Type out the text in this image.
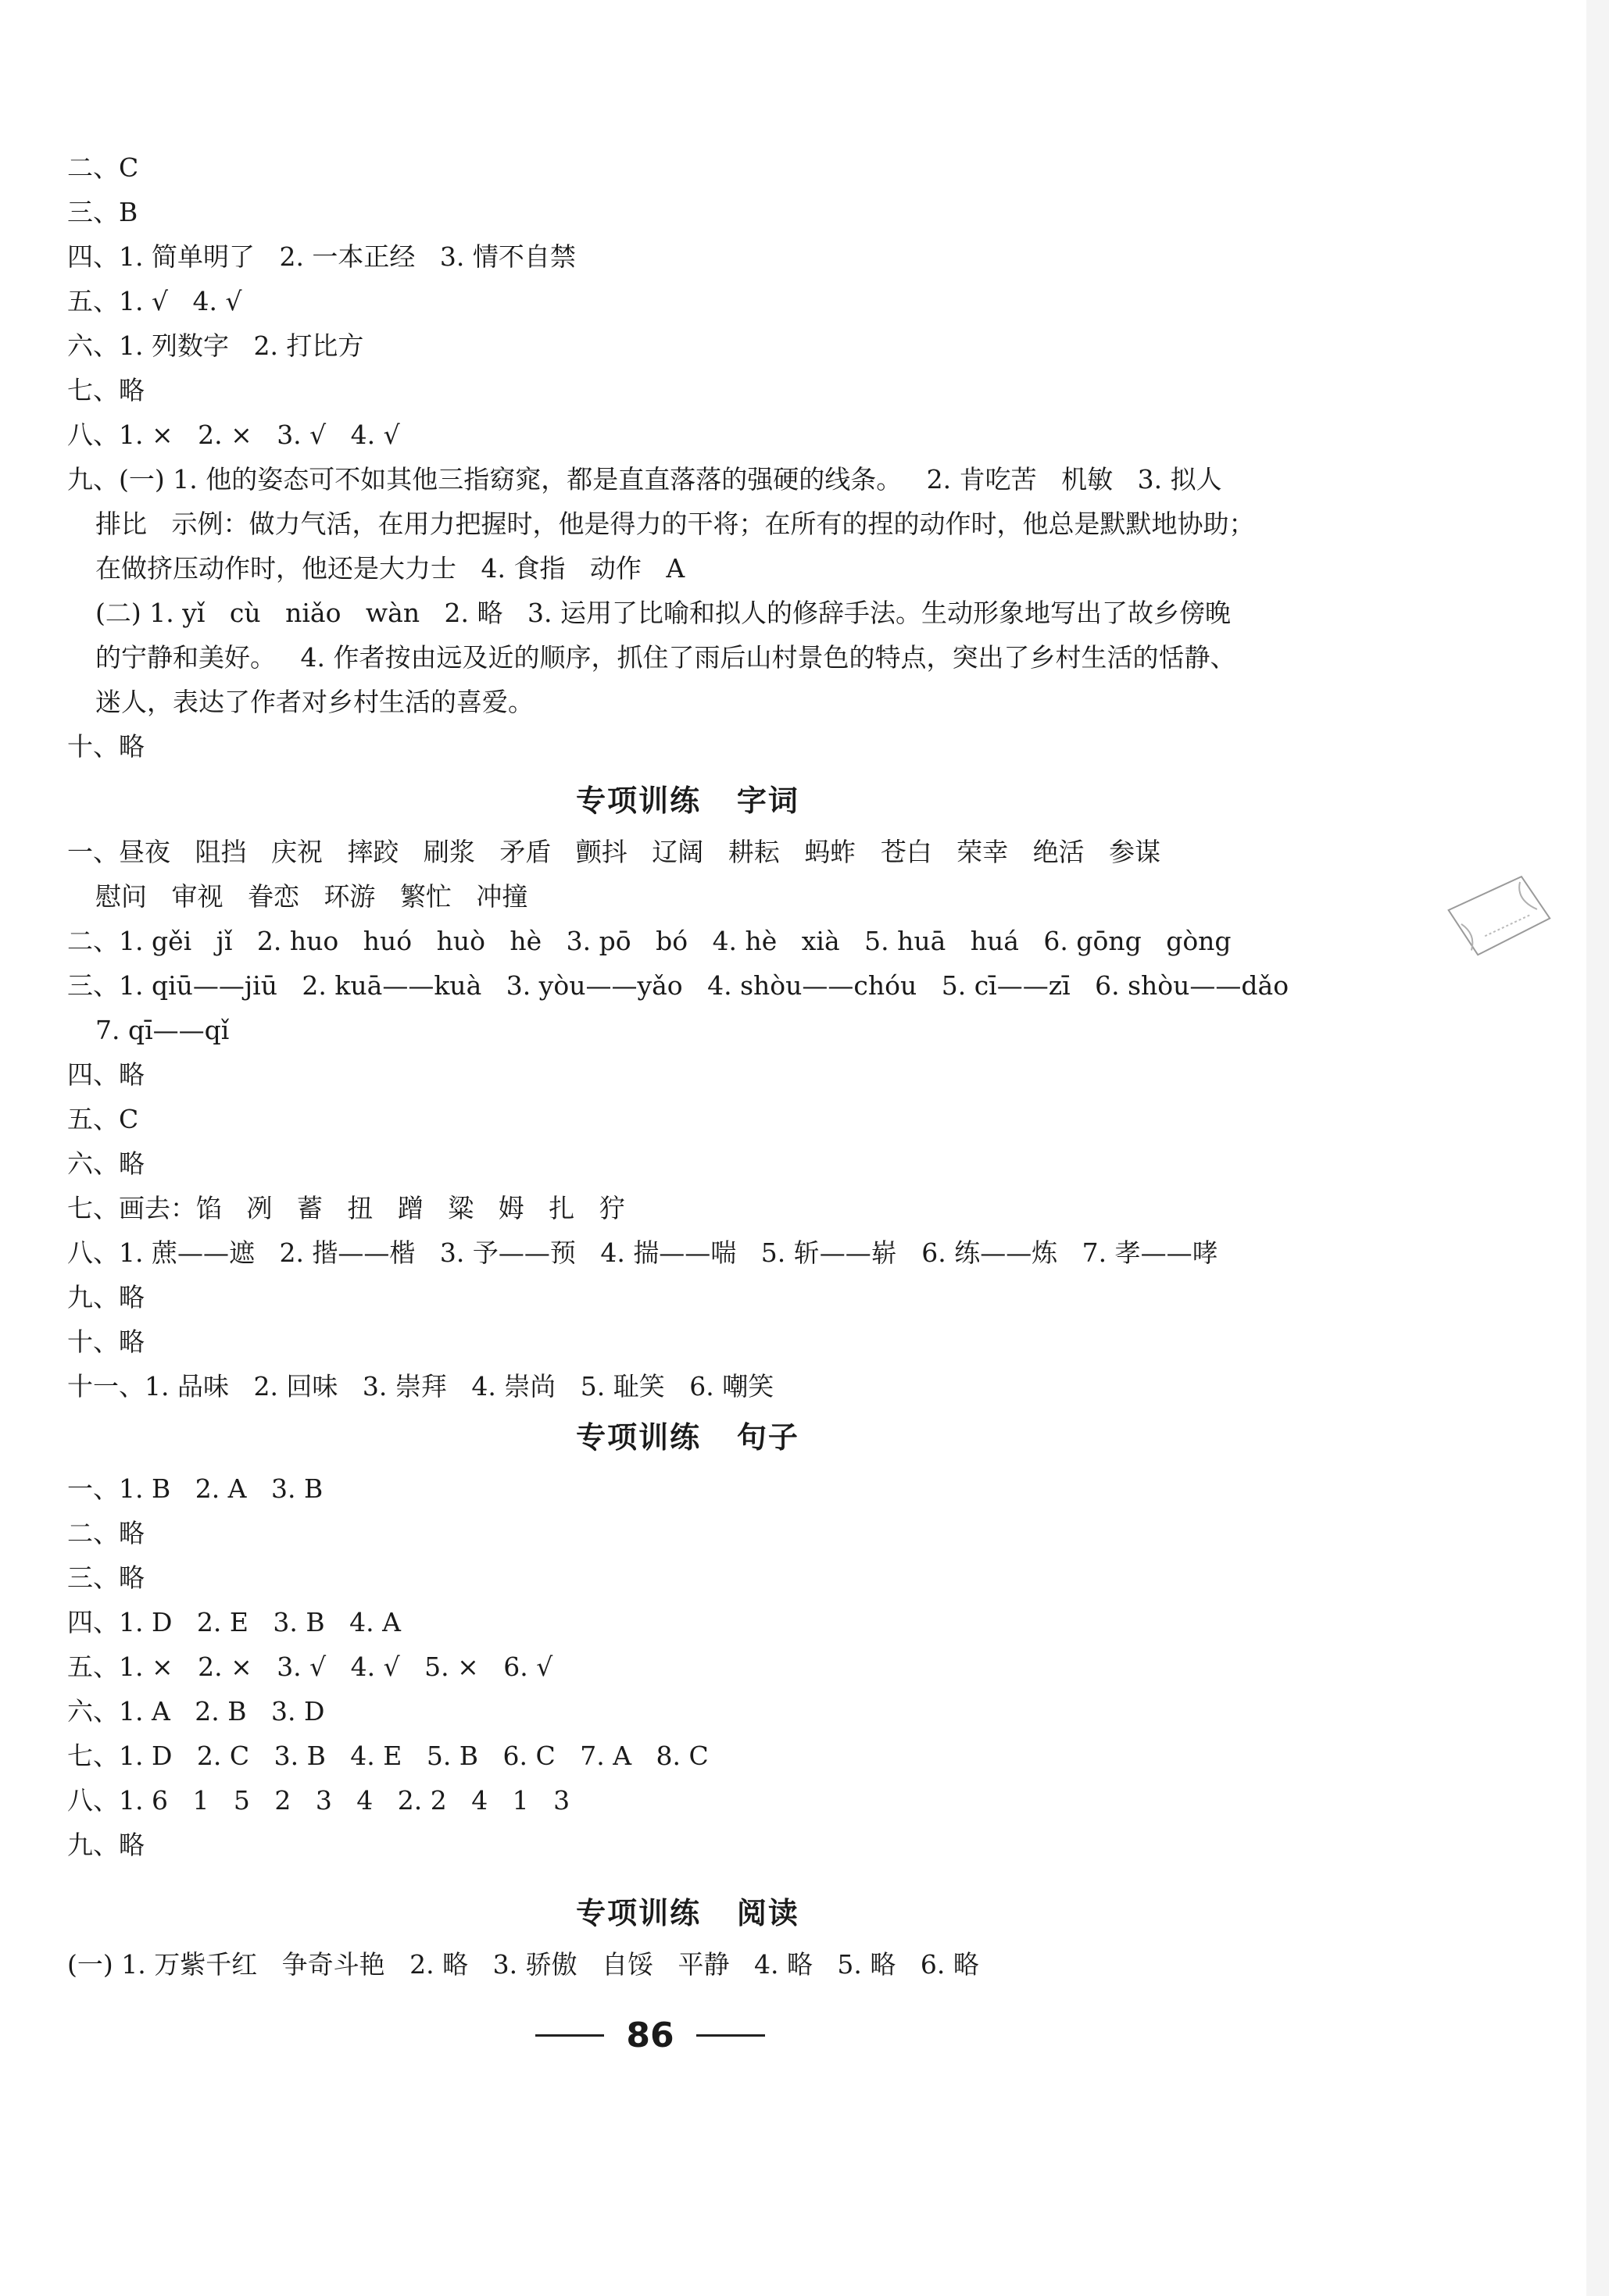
二、C
三、B
四、1. 简单明了   2. 一本正经   3. 情不自禁
五、1. √   4. √
六、1. 列数字   2. 打比方
七、略
八、1. ×   2. ×   3. √   4. √
九、(一) 1. 他的姿态可不如其他三指窈窕，都是直直落落的强硬的线条。   2. 肯吃苦   机敏   3. 拟人
排比   示例：做力气活，在用力把握时，他是得力的干将；在所有的捏的动作时，他总是默默地协助；
在做挤压动作时，他还是大力士   4. 食指   动作   A
(二) 1. yǐ   cù   niǎo   wàn   2. 略   3. 运用了比喻和拟人的修辞手法。生动形象地写出了故乡傍晚
的宁静和美好。   4. 作者按由远及近的顺序，抓住了雨后山村景色的特点，突出了乡村生活的恬静、
迷人，表达了作者对乡村生活的喜爱。
十、略
专项训练   字词
一、昼夜   阻挡   庆祝   摔跤   刷浆   矛盾   颤抖   辽阔   耕耘   蚂蚱   苍白   荣幸   绝活   参谋
慰问   审视   眷恋   环游   繁忙   冲撞
二、1. gěi   jǐ   2. huo   huó   huò   hè   3. pō   bó   4. hè   xià   5. huā   huá   6. gōng   gòng
三、1. qiū——jiū   2. kuā——kuà   3. yòu——yǎo   4. shòu——chóu   5. cī——zī   6. shòu——dǎo
7. qī——qǐ
四、略
五、C
六、略
七、画去：馅   冽   蓄   扭   蹭   粱   姆   扎   狞
八、1. 蔗——遮   2. 揩——楷   3. 予——预   4. 揣——喘   5. 斩——崭   6. 练——炼   7. 孝——哮
九、略
十、略
十一、1. 品味   2. 回味   3. 崇拜   4. 崇尚   5. 耻笑   6. 嘲笑
专项训练   句子
一、1. B   2. A   3. B
二、略
三、略
四、1. D   2. E   3. B   4. A
五、1. ×   2. ×   3. √   4. √   5. ×   6. √
六、1. A   2. B   3. D
七、1. D   2. C   3. B   4. E   5. B   6. C   7. A   8. C
八、1. 6   1   5   2   3   4   2. 2   4   1   3
九、略
专项训练   阅读
(一) 1. 万紫千红   争奇斗艳   2. 略   3. 骄傲   自馁   平静   4. 略   5. 略   6. 略
86
